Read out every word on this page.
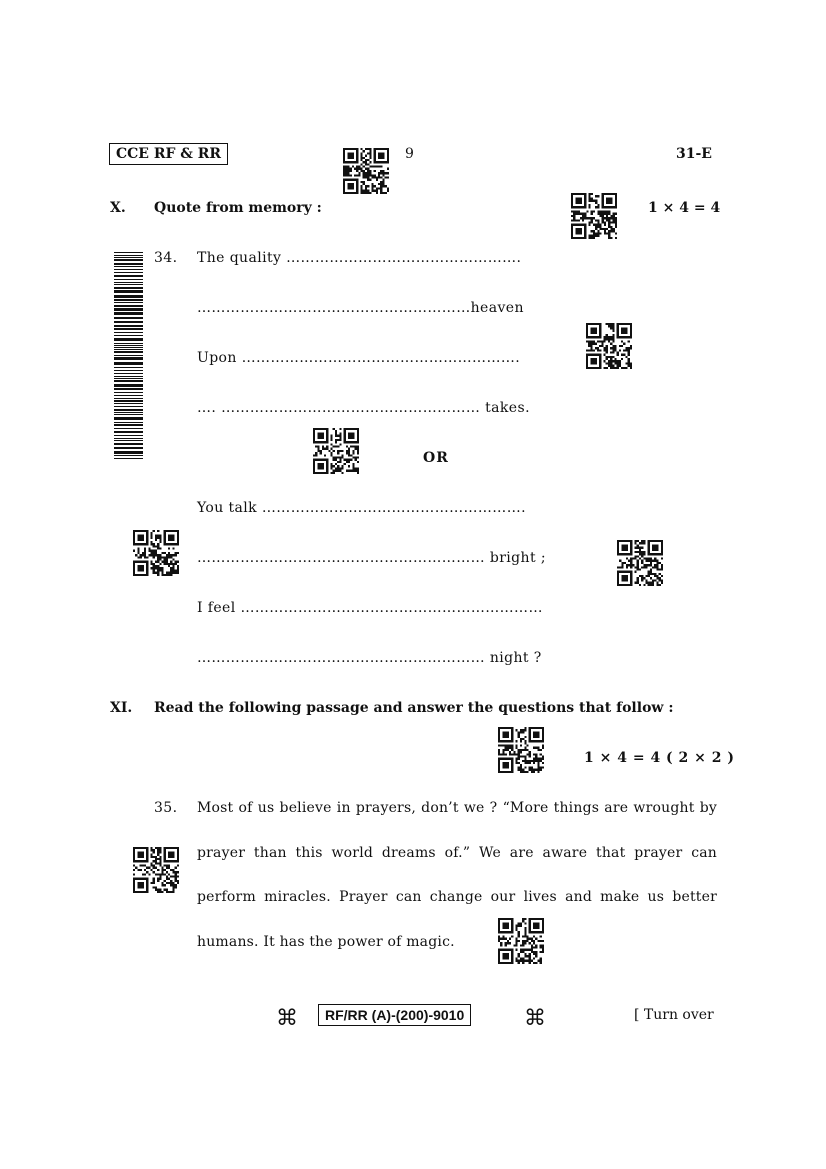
CCE RF & RR	9	31-E
X. Quote from memory :	1 × 4 = 4
34. The quality ………………………………………….
…………………………………………………heaven
Upon ………………………………………………….
…. ……………………………………………… takes.
OR
You talk ……………………………………………….
…………………………………………………… bright ;
I feel ………………………………………………………
…………………………………………………… night ?
XI. Read the following passage and answer the questions that follow :
1 × 4 = 4 ( 2 × 2 )
35. Most of us believe in prayers, don’t we ? “More things are wrought by prayer than this world dreams of.” We are aware that prayer can perform miracles. Prayer can change our lives and make us better humans. It has the power of magic.
⌘	RF/RR (A)-(200)-9010	⌘	[ Turn over
